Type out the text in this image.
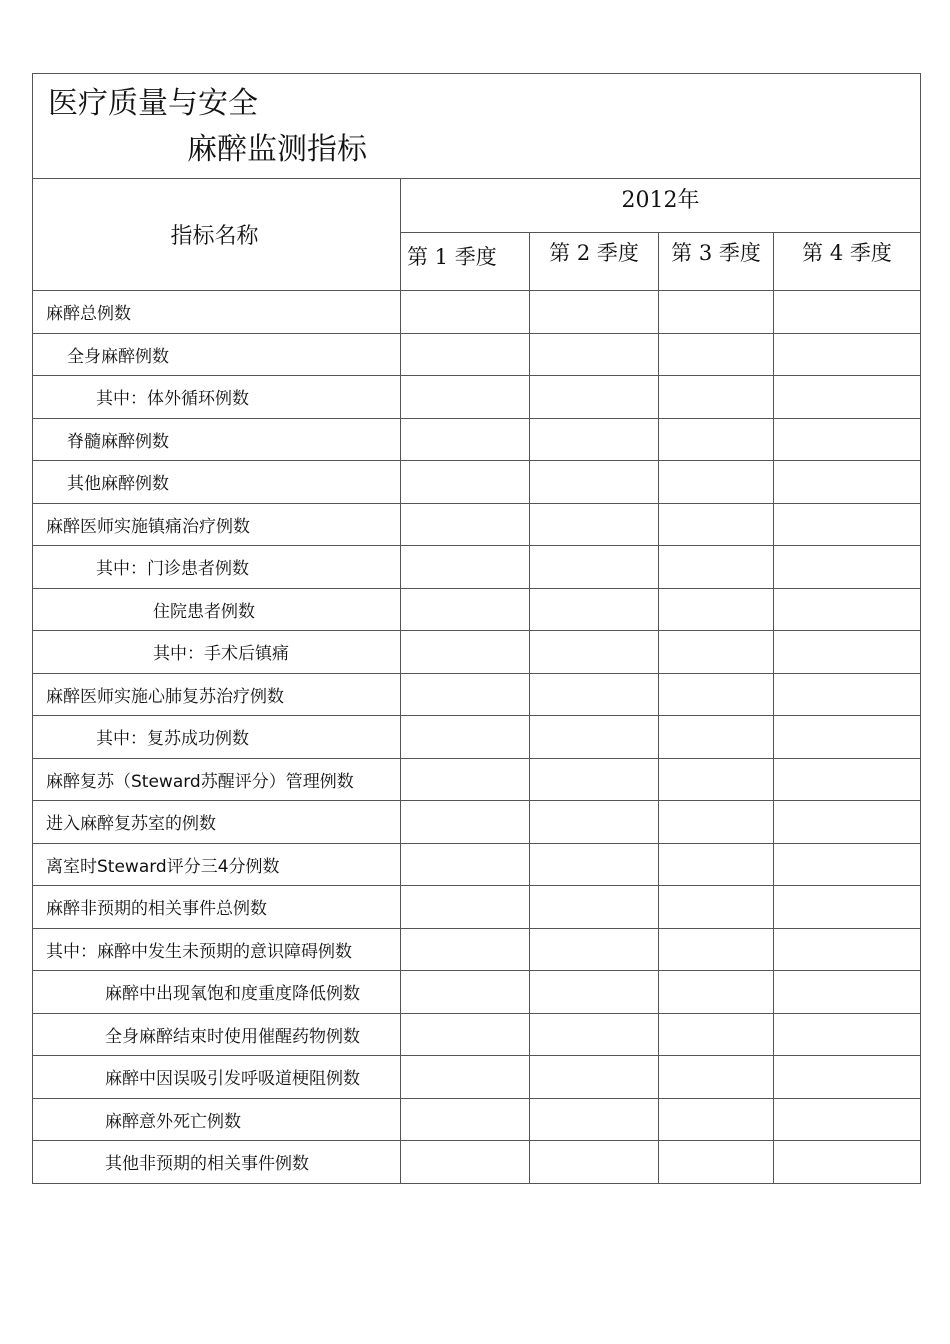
医疗质量与安全
麻醉监测指标				

指标名称	2012年			
	第 1 季度	第 2 季度	第 3 季度	第 4 季度
麻醉总例数				
全身麻醉例数				
其中：体外循环例数				
脊髓麻醉例数				
其他麻醉例数				
麻醉医师实施镇痛治疗例数				
其中：门诊患者例数				
住院患者例数				
其中：手术后镇痛				
麻醉医师实施心肺复苏治疗例数				
其中：复苏成功例数				
麻醉复苏（Steward苏醒评分）管理例数				
进入麻醉复苏室的例数				
离室时Steward评分三4分例数				
麻醉非预期的相关事件总例数				
其中：麻醉中发生未预期的意识障碍例数				
麻醉中出现氧饱和度重度降低例数				
全身麻醉结束时使用催醒药物例数				
麻醉中因误吸引发呼吸道梗阻例数				
麻醉意外死亡例数				
其他非预期的相关事件例数				
